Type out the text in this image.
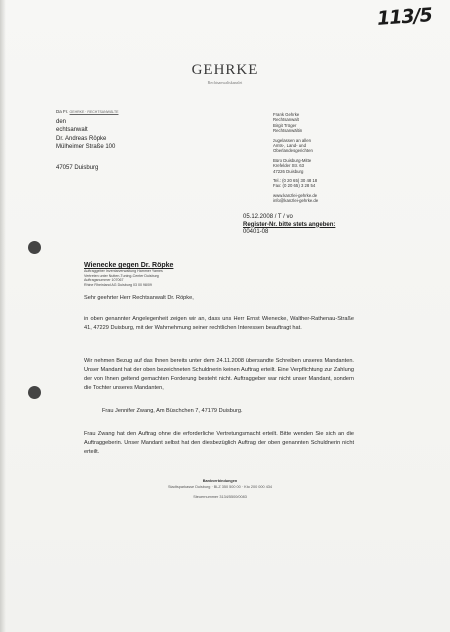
113/5
GEHRKE
Rechtsanwaltskanzlei
Da Fr. GEHRKE · RECHTSANWÄLTE
den
echtsanwalt
Dr. Andreas Röpke
Mülheimer Straße 100
47057 Duisburg
Frank Gehrke
Rechtsanwalt
Birgit Tröger
Rechtsanwältin
zugelassen an allen
Amts-, Land- und
Oberlandesgerichten
Büro Duisburg-Mitte
Krefelder Str. 63
47226 Duisburg
Tel.: (0 20 65) 30 48 18
Fax: (0 20 65) 3 28 54
www.kanzlei-gehrke.de
info@kanzlei-gehrke.de
05.12.2008 / T / vo
Register-Nr. bitte stets angeben:
00401-08
Wienecke gegen Dr. Röpke
Auftraggeber Inventarverwaltung Hammer Yames
Vertreten unter Nutten-Tuning-Center Duisburg
Auftragsnummer 107067
Rhine Rheinland AG Duisburg 03 00 98/09
Sehr geehrter Herr Rechtsanwalt Dr. Röpke,
in oben genannter Angelegenheit zeigen wir an, dass uns Herr Ernst Wienecke, Walther-Rathenau-Straße 41, 47229 Duisburg, mit der Wahrnehmung seiner rechtlichen Interessen beauftragt hat.
Wir nehmen Bezug auf das Ihnen bereits unter dem 24.11.2008 übersandte Schreiben unseres Mandanten. Unser Mandant hat der oben bezeichneten Schuldnerin keinen Auftrag erteilt. Eine Verpflichtung zur Zahlung der von Ihnen geltend gemachten Forderung besteht nicht. Auftraggeber war nicht unser Mandant, sondern die Tochter unseres Mandanten,
Frau Jennifer Zwang, Am Büschchen 7, 47179 Duisburg.
Frau Zwang hat den Auftrag ohne die erforderliche Vertretungsmacht erteilt. Bitte wenden Sie sich an die Auftraggeberin. Unser Mandant selbst hat den diesbezüglich Auftrag der oben genannten Schuldnerin nicht erteilt.
Bankverbindungen
Stadtsparkasse Duisburg · BLZ 350 500 00 · Kto 200 000 434
Steuernummer 3134/5500/0083
